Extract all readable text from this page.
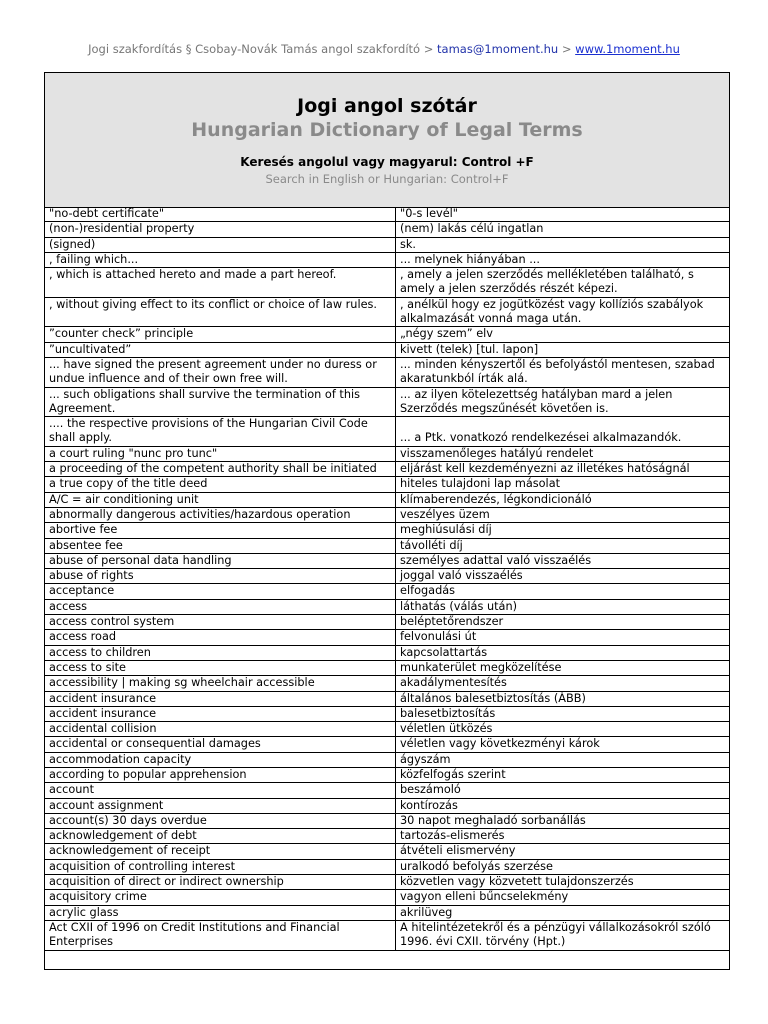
Jogi szakfordítás § Csobay-Novák Tamás angol szakfordító > tamas@1moment.hu > www.1moment.hu
Jogi angol szótár
Hungarian Dictionary of Legal Terms
Keresés angolul vagy magyarul: Control +F
Search in English or Hungarian: Control+F
"no-debt certificate"	"0-s levél"
(non-)residential property	(nem) lakás célú ingatlan
(signed)	sk.
, failing which...	... melynek hiányában ...
, which is attached hereto and made a part hereof.	, amely a jelen szerződés mellékletében található, s amely a jelen szerződés részét képezi.
, without giving effect to its conflict or choice of law rules.	, anélkül hogy ez jogütközést vagy kollíziós szabályok alkalmazását vonná maga után.
”counter check” principle	„négy szem” elv
”uncultivated”	kivett (telek) [tul. lapon]
... have signed the present agreement under no duress or undue influence and of their own free will.	... minden kényszertől és befolyástól mentesen, szabad akaratunkból írták alá.
... such obligations shall survive the termination of this Agreement.	... az ilyen kötelezettség hatályban mard a jelen Szerződés megszűnését követően is.
.... the respective provisions of the Hungarian Civil Code shall apply.	... a Ptk. vonatkozó rendelkezései alkalmazandók.
a court ruling "nunc pro tunc"	visszamenőleges hatályú rendelet
a proceeding of the competent authority shall be initiated	eljárást kell kezdeményezni az illetékes hatóságnál
a true copy of the title deed	hiteles tulajdoni lap másolat
A/C = air conditioning unit	klímaberendezés, légkondicionáló
abnormally dangerous activities/hazardous operation	veszélyes üzem
abortive fee	meghiúsulási díj
absentee fee	távolléti díj
abuse of personal data handling	személyes adattal való visszaélés
abuse of rights	joggal való visszaélés
acceptance	elfogadás
access	láthatás (válás után)
access control system	beléptetőrendszer
access road	felvonulási út
access to children	kapcsolattartás
access to site	munkaterület megközelítése
accessibility | making sg wheelchair accessible	akadálymentesítés
accident insurance	általános balesetbiztosítás (ÁBB)
accident insurance	balesetbiztosítás
accidental collision	véletlen ütközés
accidental or consequential damages	véletlen vagy következményi károk
accommodation capacity	ágyszám
according to popular apprehension	közfelfogás szerint
account	beszámoló
account assignment	kontírozás
account(s) 30 days overdue	30 napot meghaladó sorbanállás
acknowledgement of debt	tartozás-elismerés
acknowledgement of receipt	átvételi elismervény
acquisition of controlling interest	uralkodó befolyás szerzése
acquisition of direct or indirect ownership	közvetlen vagy közvetett tulajdonszerzés
acquisitory crime	vagyon elleni bűncselekmény
acrylic glass	akrilüveg
Act CXII of 1996 on Credit Institutions and Financial Enterprises	A hitelintézetekről és a pénzügyi vállalkozásokról szóló 1996. évi CXII. törvény (Hpt.)
